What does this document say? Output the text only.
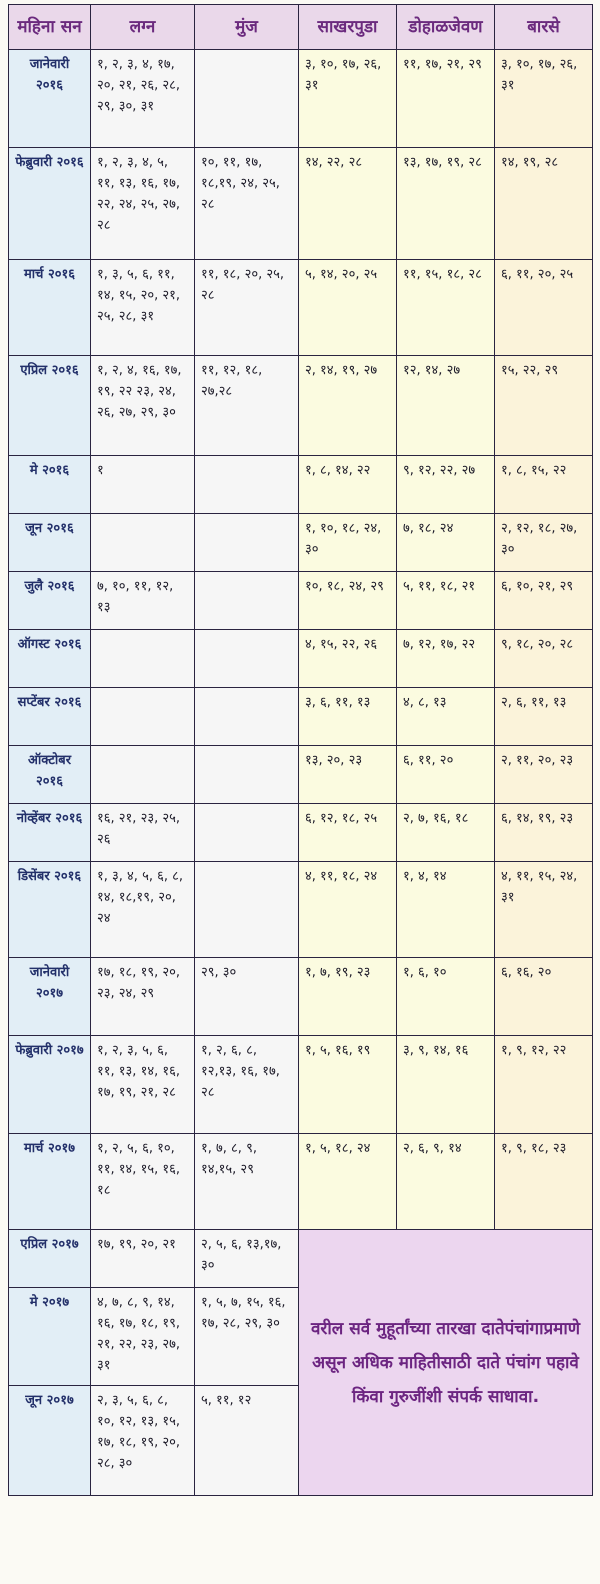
महिना सन	लग्न	मुंज	साखरपुडा	डोहाळजेवण	बारसे
जानेवारी २०१६	१, २, ३, ४, १७, २०, २१, २६, २८, २९, ३०, ३१		३, १०, १७, २६, ३१	११, १७, २१, २९	३, १०, १७, २६, ३१
फेब्रुवारी २०१६	१, २, ३, ४, ५, ११, १३, १६, १७, २२, २४, २५, २७, २८	१०, ११, १७, १८,१९, २४, २५, २८	१४, २२, २८	१३, १७, १९, २८	१४, १९, २८
मार्च २०१६	१, ३, ५, ६, ११, १४, १५, २०, २१, २५, २८, ३१	११, १८, २०, २५, २८	५, १४, २०, २५	११, १५, १८, २८	६, ११, २०, २५
एप्रिल २०१६	१, २, ४, १६, १७, १९, २२ २३, २४, २६, २७, २९, ३०	११, १२, १८, २७,२८	२, १४, १९, २७	१२, १४, २७	१५, २२, २९
मे २०१६	१		१, ८, १४, २२	९, १२, २२, २७	१, ८, १५, २२
जून २०१६			१, १०, १८, २४, ३०	७, १८, २४	२, १२, १८, २७, ३०
जुलै २०१६	७, १०, ११, १२, १३		१०, १८, २४, २९	५, ११, १८, २१	६, १०, २१, २९
ऑगस्ट २०१६			४, १५, २२, २६	७, १२, १७, २२	९, १८, २०, २८
सप्टेंबर २०१६			३, ६, ११, १३	४, ८, १३	२, ६, ११, १३
ऑक्टोबर २०१६			१३, २०, २३	६, ११, २०	२, ११, २०, २३
नोव्हेंबर २०१६	१६, २१, २३, २५, २६		६, १२, १८, २५	२, ७, १६, १८	६, १४, १९, २३
डिसेंबर २०१६	१, ३, ४, ५, ६, ८, १४, १८,१९, २०, २४		४, ११, १८, २४	१, ४, १४	४, ११, १५, २४, ३१
जानेवारी २०१७	१७, १८, १९, २०, २३, २४, २९	२९, ३०	१, ७, १९, २३	१, ६, १०	६, १६, २०
फेब्रुवारी २०१७	१, २, ३, ५, ६, ११, १३, १४, १६, १७, १९, २१, २८	१, २, ६, ८, १२,१३, १६, १७, २८	१, ५, १६, १९	३, ९, १४, १६	१, ९, १२, २२
मार्च २०१७	१, २, ५, ६, १०, ११, १४, १५, १६, १८	१, ७, ८, ९, १४,१५, २९	१, ५, १८, २४	२, ६, ९, १४	१, ९, १८, २३
एप्रिल २०१७	१७, १९, २०, २१	२, ५, ६, १३,१७, ३०	वरील सर्व मुहूर्तांच्या तारखा दातेपंचांगाप्रमाणे असून अधिक माहितीसाठी दाते पंचांग पहावे किंवा गुरुजींशी संपर्क साधावा.		
मे २०१७	४, ७, ८, ९, १४, १६, १७, १८, १९, २१, २२, २३, २७, ३१	१, ५, ७, १५, १६, १७, २८, २९, ३०			
जून २०१७	२, ३, ५, ६, ८, १०, १२, १३, १५, १७, १८, १९, २०, २८, ३०	५, ११, १२			
